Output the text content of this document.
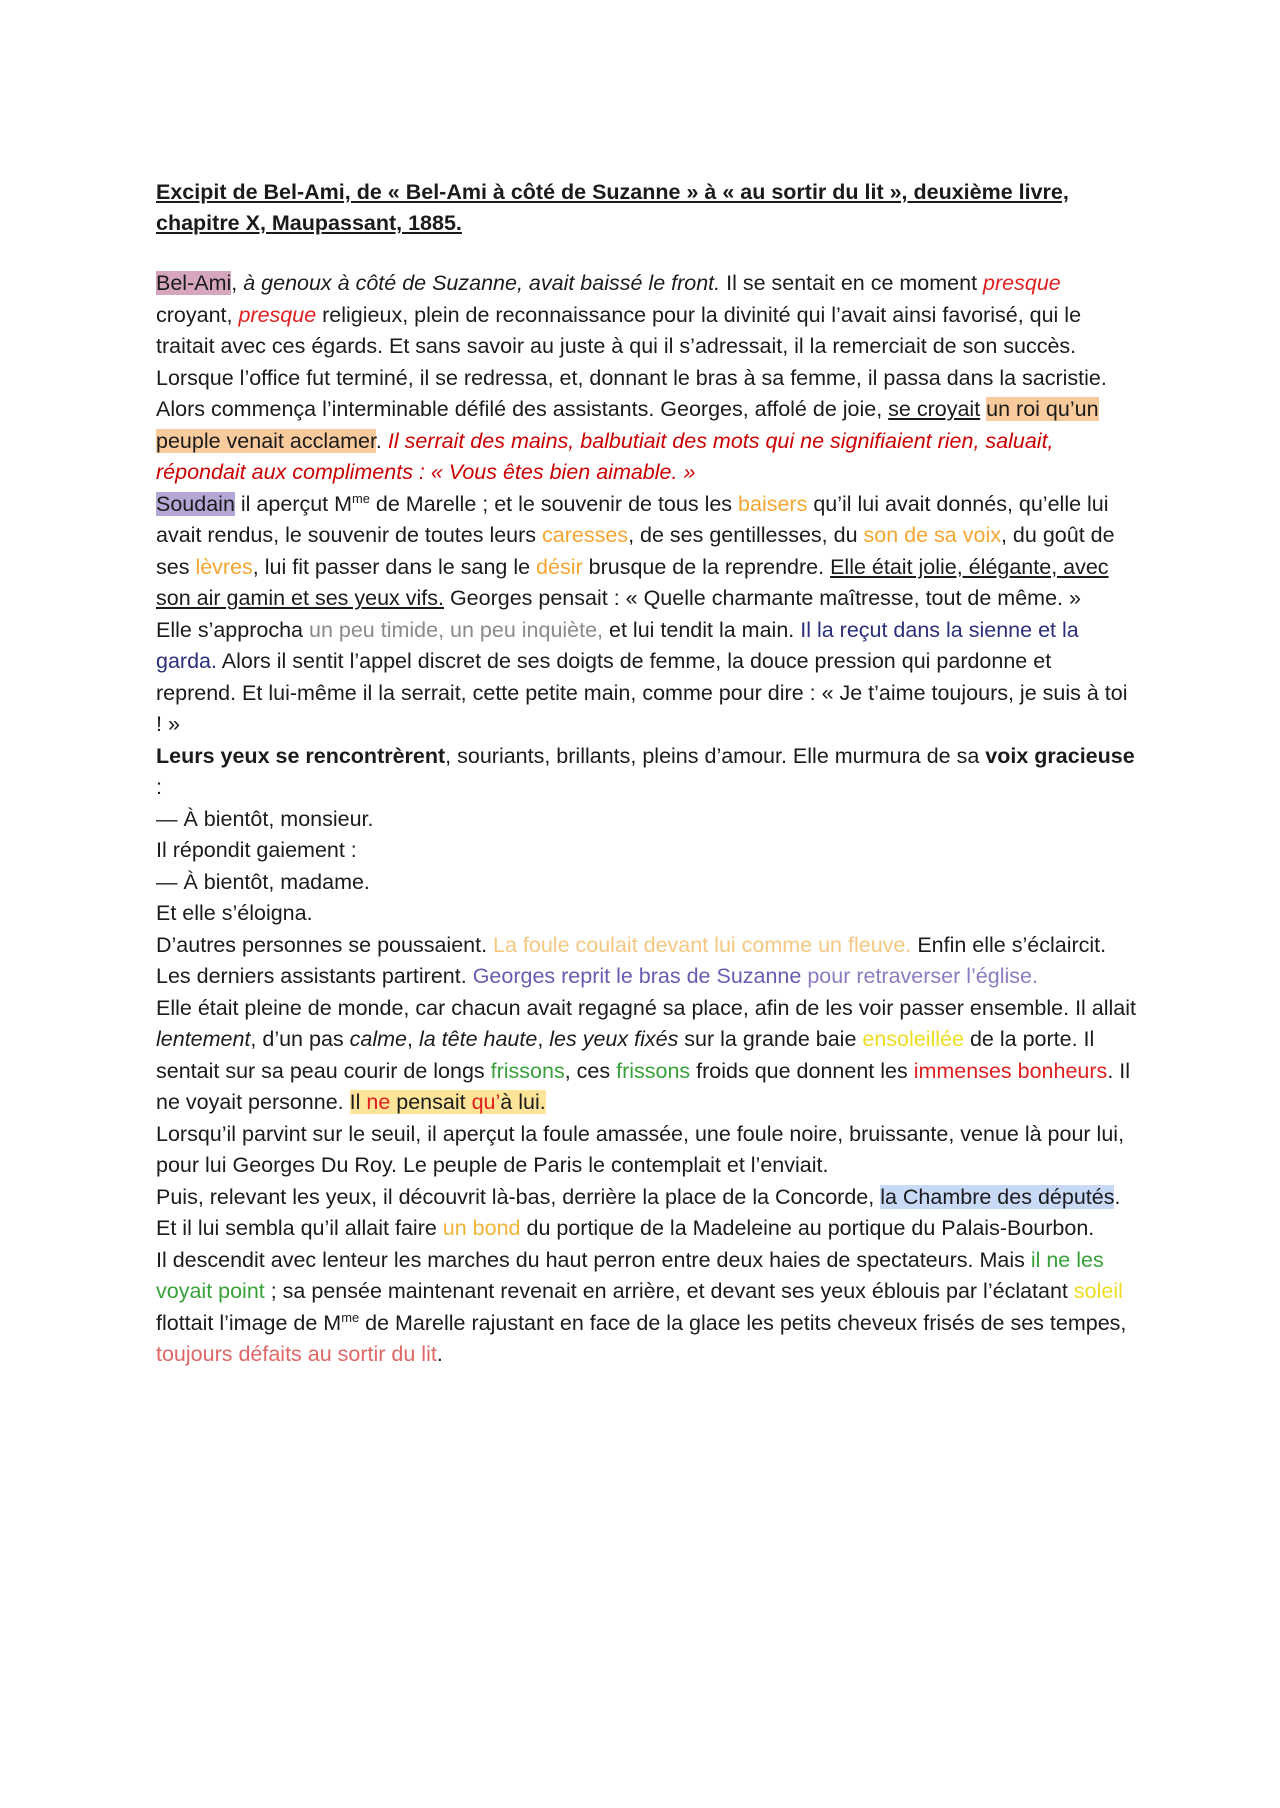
Excipit de Bel-Ami, de « Bel-Ami à côté de Suzanne » à « au sortir du lit », deuxième livre, chapitre X, Maupassant, 1885.

Bel-Ami, à genoux à côté de Suzanne, avait baissé le front. Il se sentait en ce moment presque croyant, presque religieux, plein de reconnaissance pour la divinité qui l’avait ainsi favorisé, qui le traitait avec ces égards. Et sans savoir au juste à qui il s’adressait, il la remerciait de son succès.

Lorsque l’office fut terminé, il se redressa, et, donnant le bras à sa femme, il passa dans la sacristie. Alors commença l’interminable défilé des assistants. Georges, affolé de joie, se croyait un roi qu’un peuple venait acclamer. Il serrait des mains, balbutiait des mots qui ne signifiaient rien, saluait, répondait aux compliments : « Vous êtes bien aimable. »

Soudain il aperçut $M^{me}$ de Marelle ; et le souvenir de tous les baisers qu’il lui avait donnés, qu’elle lui avait rendus, le souvenir de toutes leurs caresses, de ses gentillesses, du son de sa voix, du goût de ses lèvres, lui fit passer dans le sang le désir brusque de la reprendre. Elle était jolie, élégante, avec son air gamin et ses yeux vifs. Georges pensait : « Quelle charmante maîtresse, tout de même. »

Elle s’approcha un peu timide, un peu inquiète, et lui tendit la main. Il la reçut dans la sienne et la garda. Alors il sentit l’appel discret de ses doigts de femme, la douce pression qui pardonne et reprend. Et lui-même il la serrait, cette petite main, comme pour dire : « Je t’aime toujours, je suis à toi ! »

Leurs yeux se rencontrèrent, souriants, brillants, pleins d’amour. Elle murmura de sa voix gracieuse :

— À bientôt, monsieur.

Il répondit gaiement :

— À bientôt, madame.

Et elle s’éloigna.

D’autres personnes se poussaient. La foule coulait devant lui comme un fleuve. Enfin elle s’éclaircit. Les derniers assistants partirent. Georges reprit le bras de Suzanne pour retraverser l’église.

Elle était pleine de monde, car chacun avait regagné sa place, afin de les voir passer ensemble. Il allait lentement, d’un pas calme, la tête haute, les yeux fixés sur la grande baie ensoleillée de la porte. Il sentait sur sa peau courir de longs frissons, ces frissons froids que donnent les immenses bonheurs. Il ne voyait personne. Il ne pensait qu’à lui.

Lorsqu’il parvint sur le seuil, il aperçut la foule amassée, une foule noire, bruissante, venue là pour lui, pour lui Georges Du Roy. Le peuple de Paris le contemplait et l’enviait.

Puis, relevant les yeux, il découvrit là-bas, derrière la place de la Concorde, la Chambre des députés. Et il lui sembla qu’il allait faire un bond du portique de la Madeleine au portique du Palais-Bourbon.

Il descendit avec lenteur les marches du haut perron entre deux haies de spectateurs. Mais il ne les voyait point ; sa pensée maintenant revenait en arrière, et devant ses yeux éblouis par l’éclatant soleil flottait l’image de $M^{me}$ de Marelle rajustant en face de la glace les petits cheveux frisés de ses tempes, toujours défaits au sortir du lit.
